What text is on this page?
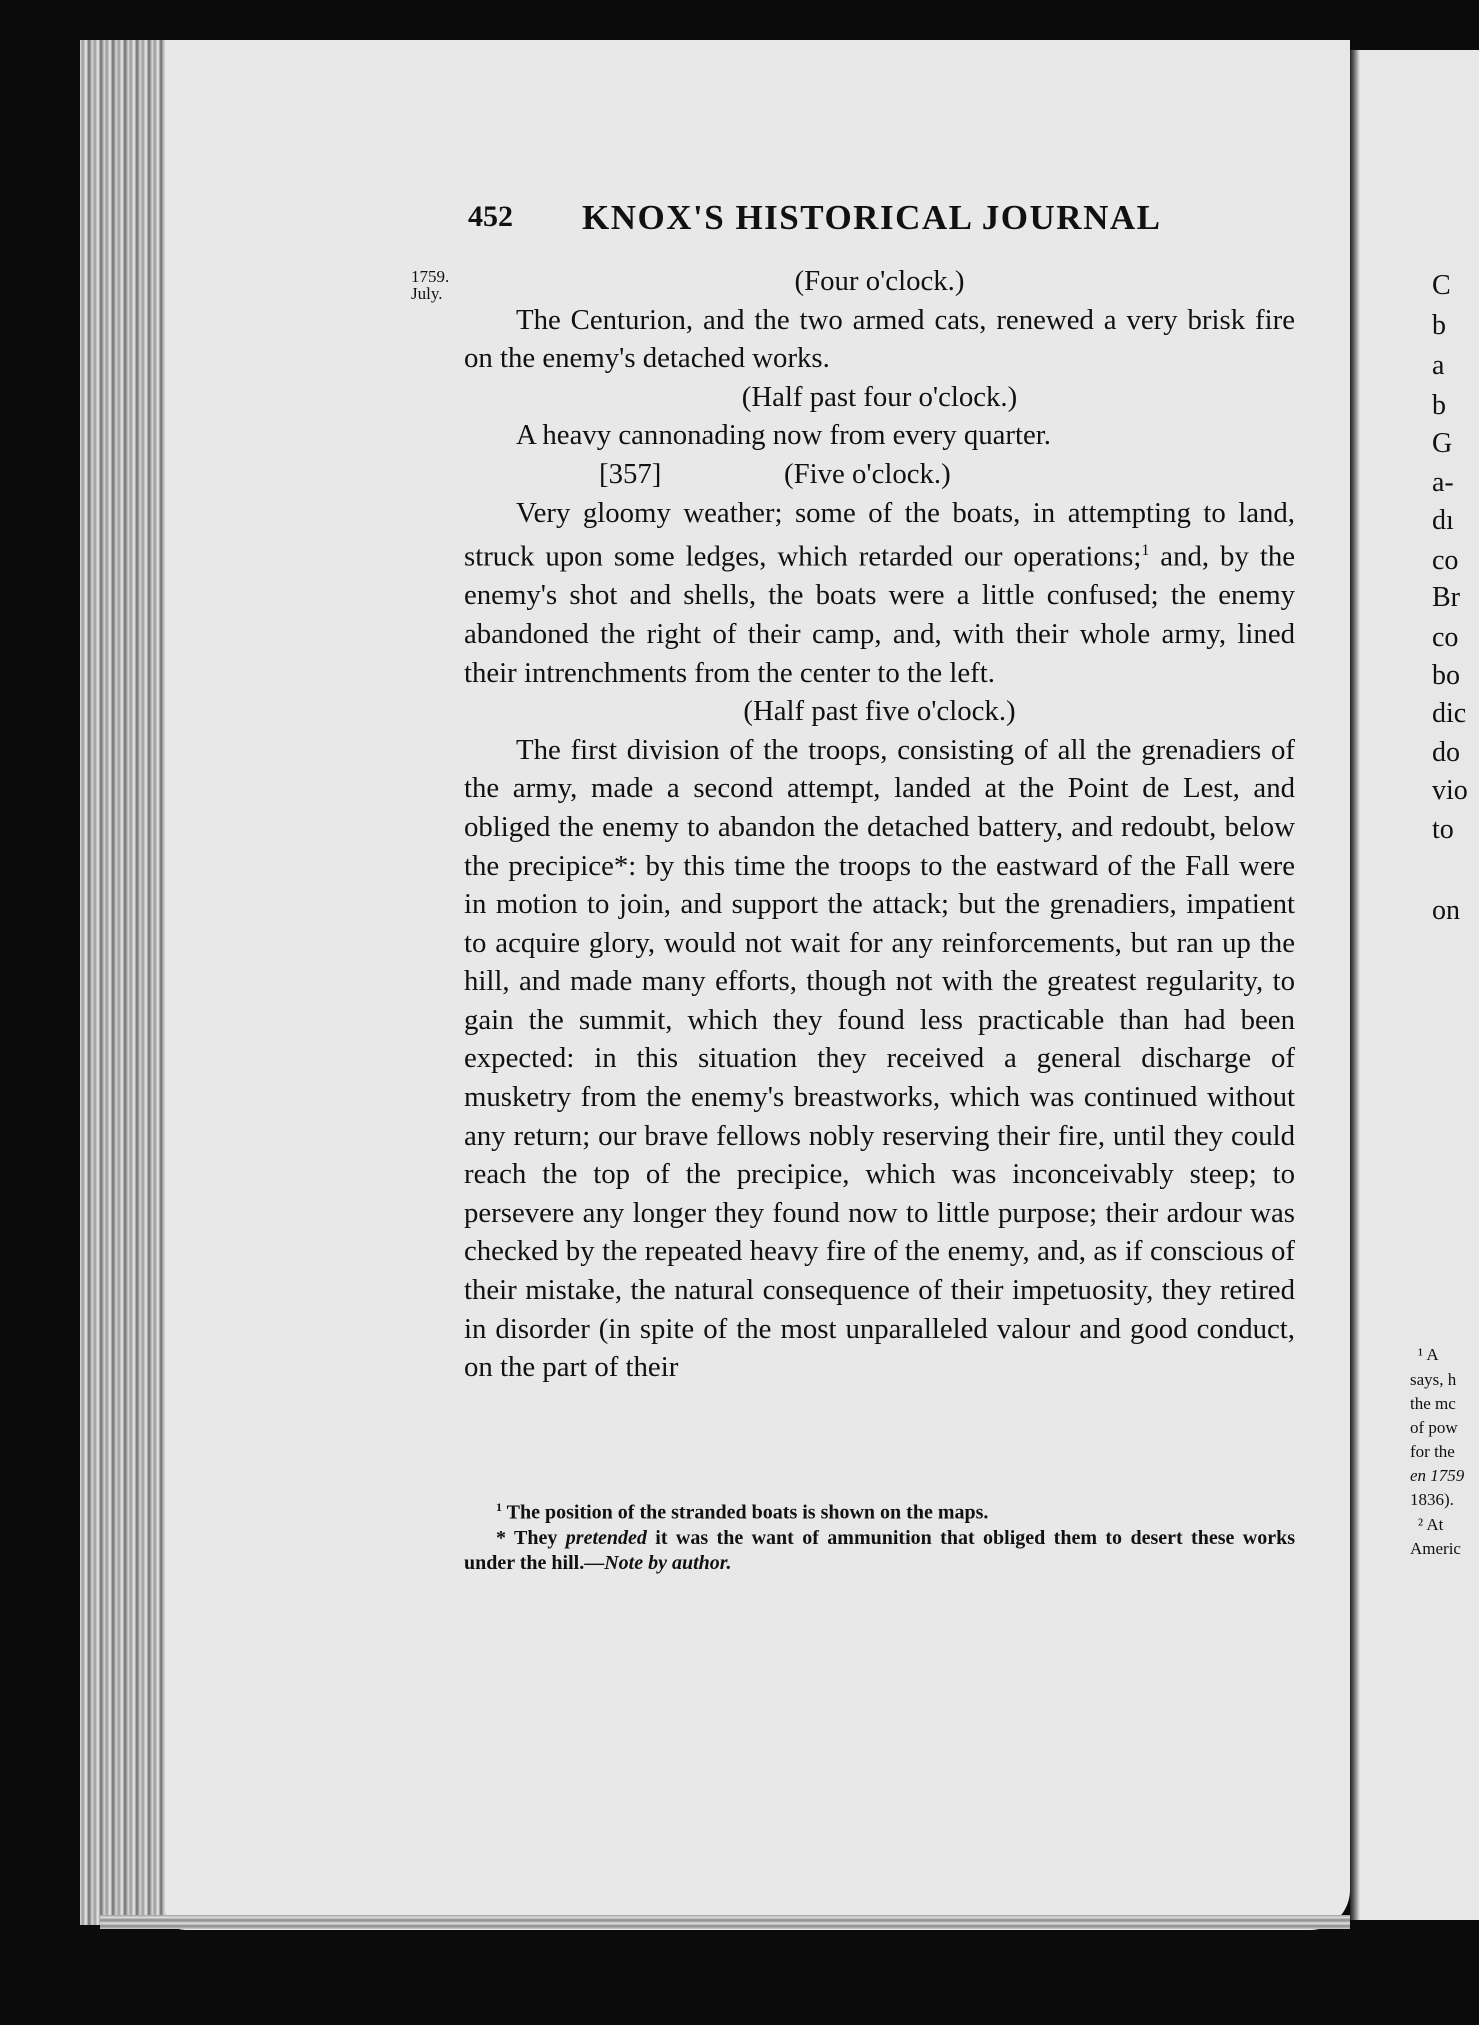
C
b
a
b
G
a-
dı
co
Br
co
bo
dic
do
vio
to
on
¹ A
says, h
the mc
of pow
for the
en 1759
1836).
² At
Americ
452 KNOX'S HISTORICAL JOURNAL
1759.
July.	(Four o'clock.)

The Centurion, and the two armed cats, renewed a very brisk fire on the enemy's detached works.

(Half past four o'clock.)

A heavy cannonading now from every quarter.

[357]	(Five o'clock.)

Very gloomy weather; some of the boats, in attempting to land, struck upon some ledges, which retarded our operations;$^1$ and, by the enemy's shot and shells, the boats were a little confused; the enemy abandoned the right of their camp, and, with their whole army, lined their intrenchments from the center to the left.

(Half past five o'clock.)

The first division of the troops, consisting of all the grenadiers of the army, made a second attempt, landed at the Point de Lest, and obliged the enemy to abandon the detached battery, and redoubt, below the precipice*: by this time the troops to the eastward of the Fall were in motion to join, and support the attack; but the grenadiers, impatient to acquire glory, would not wait for any reinforcements, but ran up the hill, and made many efforts, though not with the greatest regularity, to gain the summit, which they found less practicable than had been expected: in this situation they received a general discharge of musketry from the enemy's breastworks, which was continued without any return; our brave fellows nobly reserving their fire, until they could reach the top of the precipice, which was inconceivably steep; to persevere any longer they found now to little purpose; their ardour was checked by the repeated heavy fire of the enemy, and, as if conscious of their mistake, the natural consequence of their impetuosity, they retired in disorder (in spite of the most unparalleled valour and good conduct, on the part of their

$^1$ The position of the stranded boats is shown on the maps.

* They pretended it was the want of ammunition that obliged them to desert these works under the hill.—Note by author.
